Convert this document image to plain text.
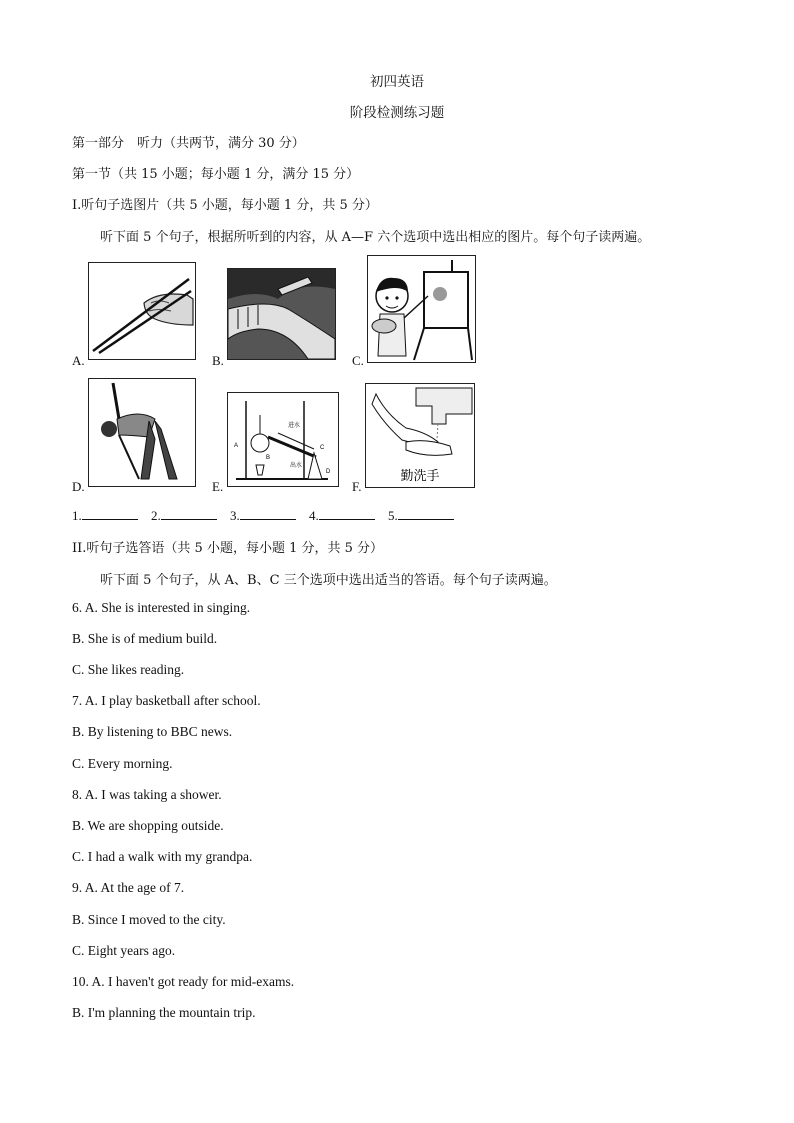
初四英语
阶段检测练习题
第一部分　听力（共两节，满分 30 分）
第一节（共 15 小题；每小题 1 分，满分 15 分）
I.听句子选图片（共 5 小题，每小题 1 分，共 5 分）
听下面 5 个句子，根据所听到的内容，从 A—F 六个选项中选出相应的图片。每个句子读两遍。
A.	B.	C.
D.
A
B
C
D
进水
出水
E.
勤洗手
F.
1.	2.	3.	4.	5.
II.听句子选答语（共 5 小题，每小题 1 分，共 5 分）
听下面 5 个句子，从 A、B、C 三个选项中选出适当的答语。每个句子读两遍。
6. A. She is interested in singing.
B. She is of medium build.
C. She likes reading.
7. A. I play basketball after school.
B. By listening to BBC news.
C. Every morning.
8. A. I was taking a shower.
B. We are shopping outside.
C. I had a walk with my grandpa.
9. A. At the age of 7.
B. Since I moved to the city.
C. Eight years ago.
10. A. I haven't got ready for mid-exams.
B. I'm planning the mountain trip.
